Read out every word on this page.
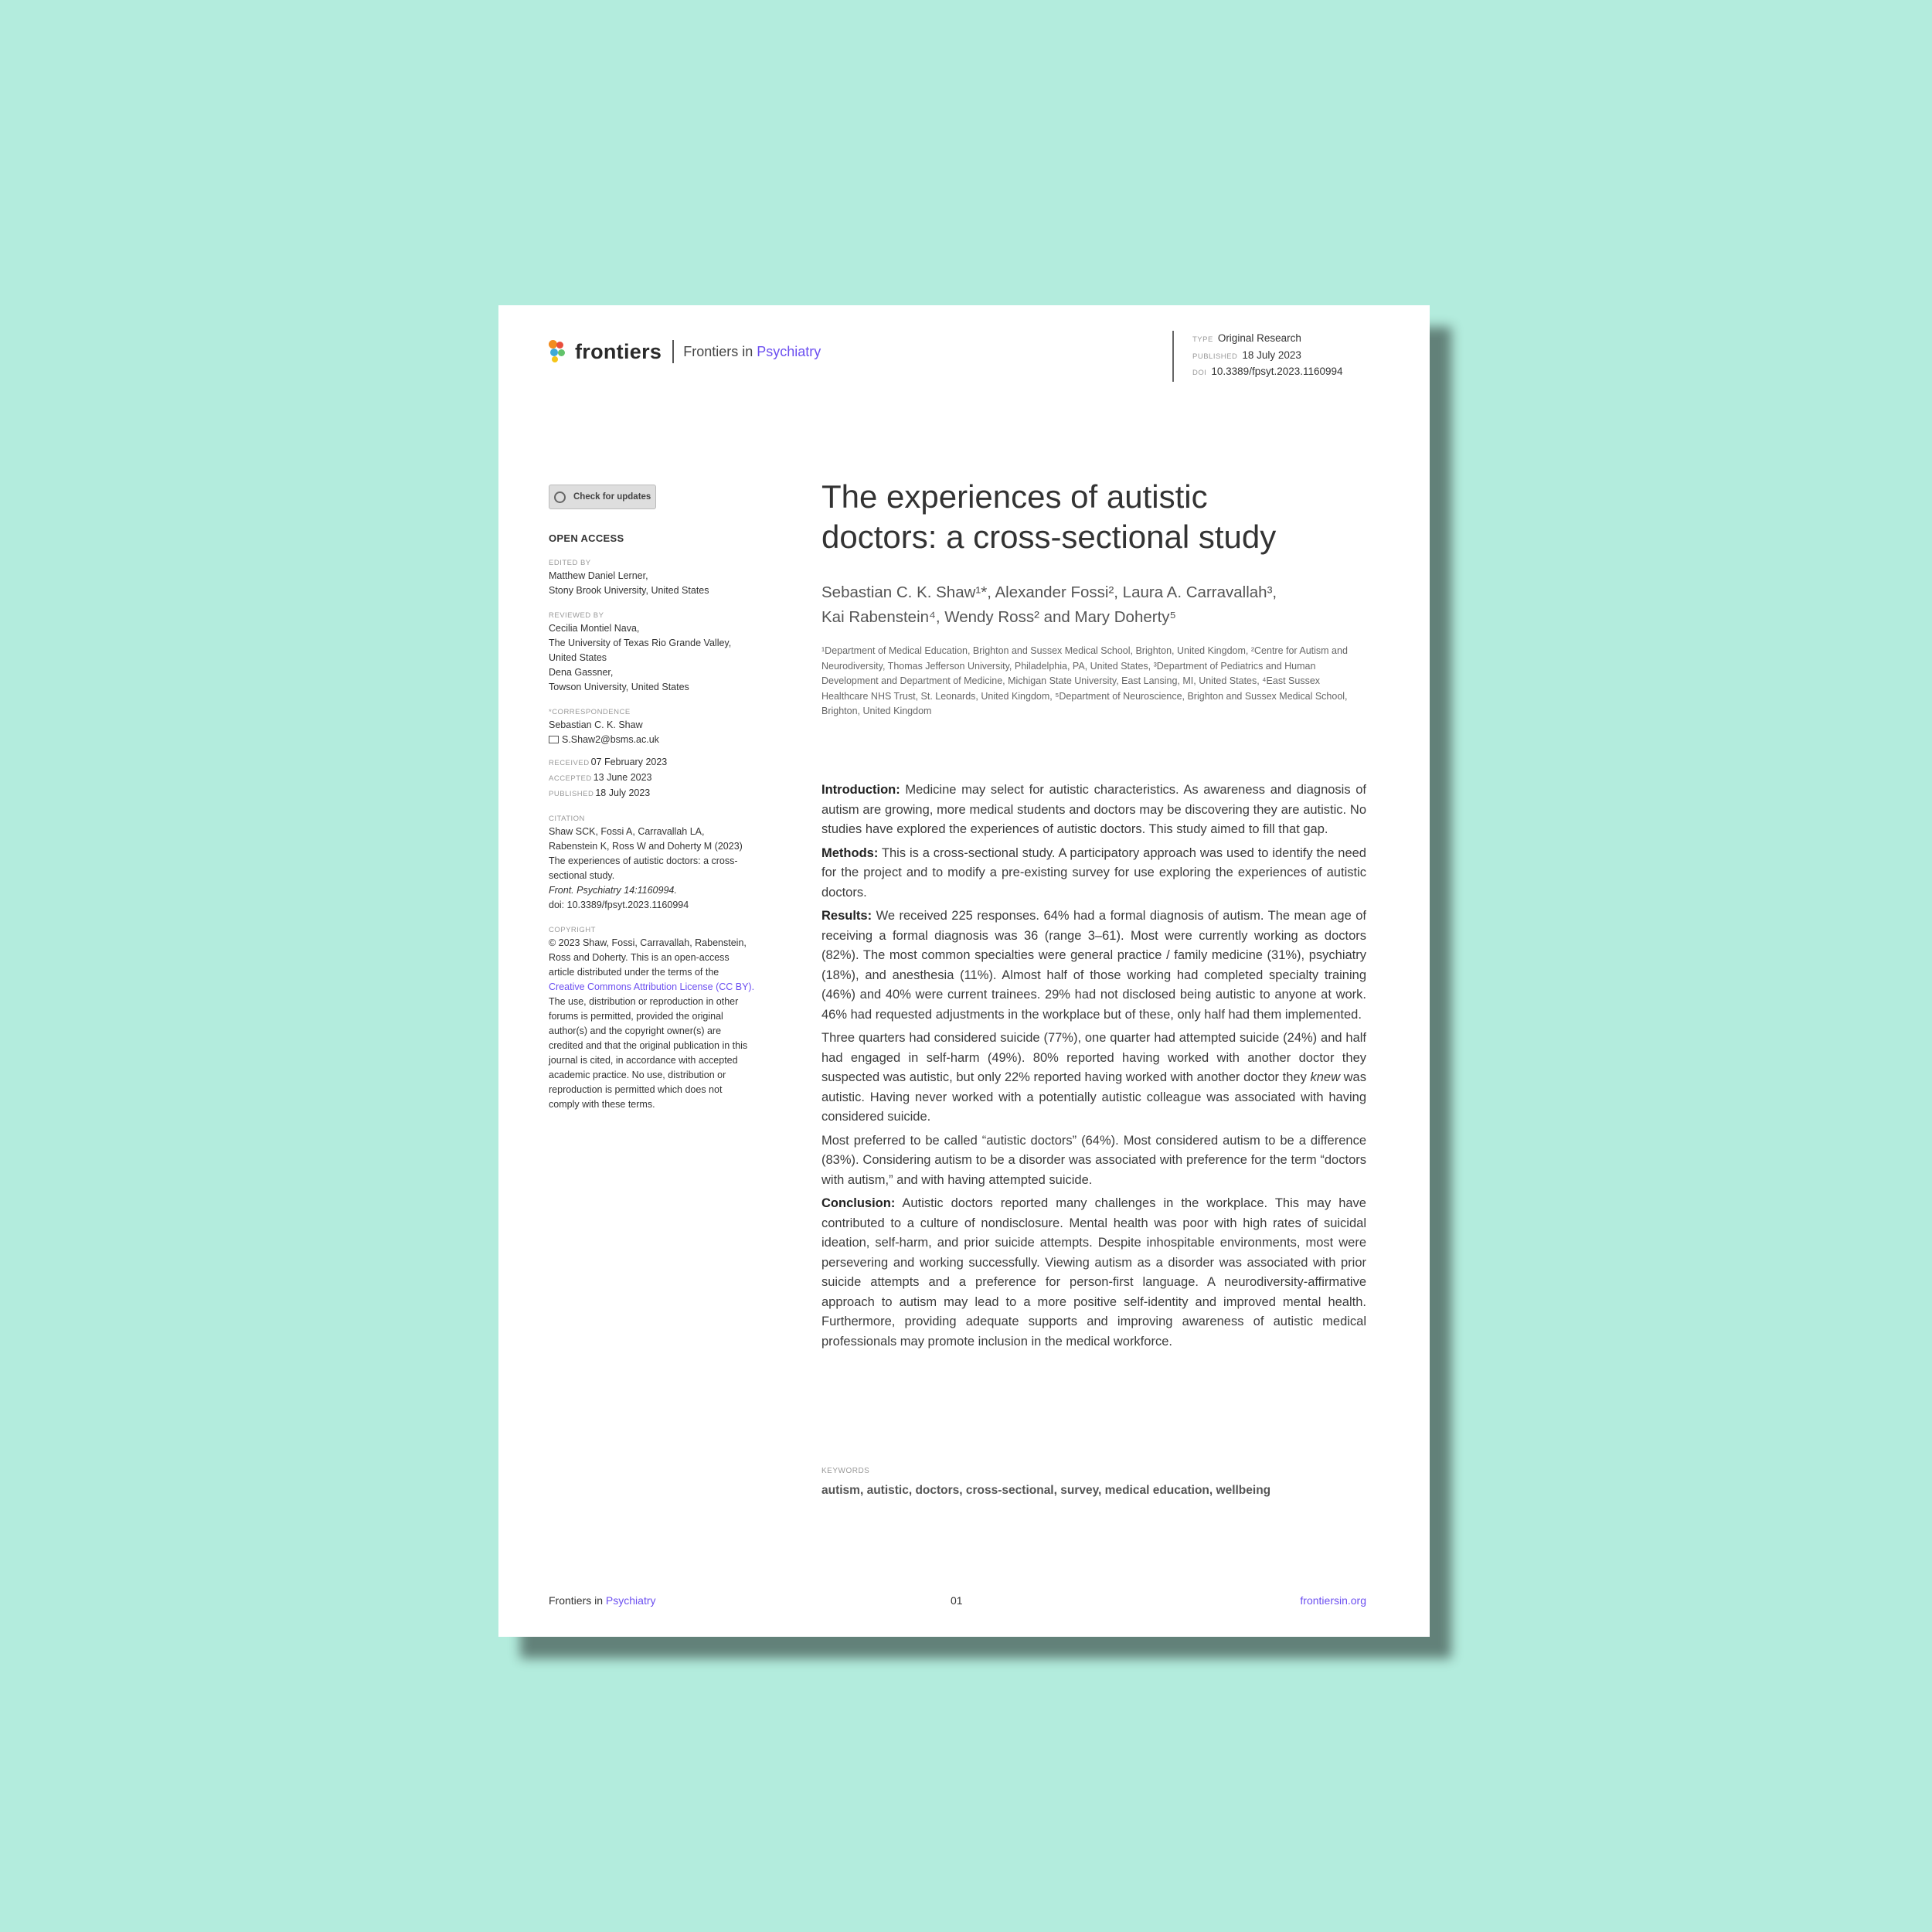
frontiers Frontiers in Psychiatry
TYPE Original Research
PUBLISHED 18 July 2023
DOI 10.3389/fpsyt.2023.1160994
Check for updates
OPEN ACCESS
EDITED BY
Matthew Daniel Lerner,
Stony Brook University, United States
REVIEWED BY
Cecilia Montiel Nava,
The University of Texas Rio Grande Valley,
United States
Dena Gassner,
Towson University, United States
*CORRESPONDENCE
Sebastian C. K. Shaw
S.Shaw2@bsms.ac.uk
RECEIVED 07 February 2023
ACCEPTED 13 June 2023
PUBLISHED 18 July 2023
CITATION
Shaw SCK, Fossi A, Carravallah LA,
Rabenstein K, Ross W and Doherty M (2023)
The experiences of autistic doctors: a cross-
sectional study.
Front. Psychiatry 14:1160994.
doi: 10.3389/fpsyt.2023.1160994
COPYRIGHT
© 2023 Shaw, Fossi, Carravallah, Rabenstein,
Ross and Doherty. This is an open-access
article distributed under the terms of the
Creative Commons Attribution License (CC BY).
The use, distribution or reproduction in other
forums is permitted, provided the original
author(s) and the copyright owner(s) are
credited and that the original publication in this
journal is cited, in accordance with accepted
academic practice. No use, distribution or
reproduction is permitted which does not
comply with these terms.
The experiences of autistic
doctors: a cross-sectional study
Sebastian C. K. Shaw¹*, Alexander Fossi², Laura A. Carravallah³,
Kai Rabenstein⁴, Wendy Ross² and Mary Doherty⁵
¹Department of Medical Education, Brighton and Sussex Medical School, Brighton, United Kingdom, ²Centre for Autism and Neurodiversity, Thomas Jefferson University, Philadelphia, PA, United States, ³Department of Pediatrics and Human Development and Department of Medicine, Michigan State University, East Lansing, MI, United States, ⁴East Sussex Healthcare NHS Trust, St. Leonards, United Kingdom, ⁵Department of Neuroscience, Brighton and Sussex Medical School, Brighton, United Kingdom

Introduction: Medicine may select for autistic characteristics. As awareness and diagnosis of autism are growing, more medical students and doctors may be discovering they are autistic. No studies have explored the experiences of autistic doctors. This study aimed to fill that gap.

Methods: This is a cross-sectional study. A participatory approach was used to identify the need for the project and to modify a pre-existing survey for use exploring the experiences of autistic doctors.

Results: We received 225 responses. 64% had a formal diagnosis of autism. The mean age of receiving a formal diagnosis was 36 (range 3–61). Most were currently working as doctors (82%). The most common specialties were general practice / family medicine (31%), psychiatry (18%), and anesthesia (11%). Almost half of those working had completed specialty training (46%) and 40% were current trainees. 29% had not disclosed being autistic to anyone at work. 46% had requested adjustments in the workplace but of these, only half had them implemented.

Three quarters had considered suicide (77%), one quarter had attempted suicide (24%) and half had engaged in self-harm (49%). 80% reported having worked with another doctor they suspected was autistic, but only 22% reported having worked with another doctor they knew was autistic. Having never worked with a potentially autistic colleague was associated with having considered suicide.

Most preferred to be called “autistic doctors” (64%). Most considered autism to be a difference (83%). Considering autism to be a disorder was associated with preference for the term “doctors with autism,” and with having attempted suicide.

Conclusion: Autistic doctors reported many challenges in the workplace. This may have contributed to a culture of nondisclosure. Mental health was poor with high rates of suicidal ideation, self-harm, and prior suicide attempts. Despite inhospitable environments, most were persevering and working successfully. Viewing autism as a disorder was associated with prior suicide attempts and a preference for person-first language. A neurodiversity-affirmative approach to autism may lead to a more positive self-identity and improved mental health. Furthermore, providing adequate supports and improving awareness of autistic medical professionals may promote inclusion in the medical workforce.

KEYWORDS
autism, autistic, doctors, cross-sectional, survey, medical education, wellbeing
Frontiers in Psychiatry	01	frontiersin.org
